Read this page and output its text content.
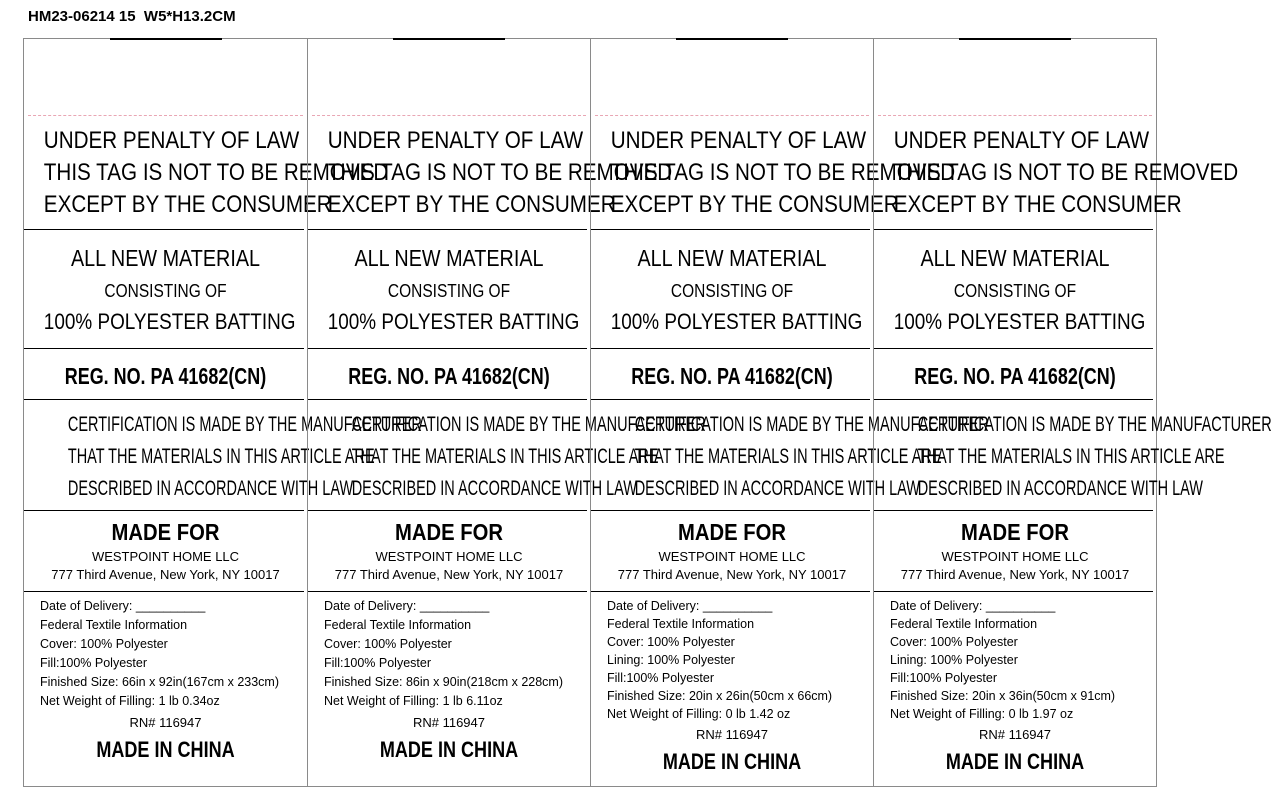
HM23-06214 15  W5*H13.2CM
UNDER PENALTY OF LAW
THIS TAG IS NOT TO BE REMOVED
EXCEPT BY THE CONSUMER
ALL NEW MATERIAL
CONSISTING OF
100% POLYESTER BATTING
REG. NO. PA 41682(CN)
CERTIFICATION IS MADE BY THE MANUFACTURER
THAT THE MATERIALS IN THIS ARTICLE ARE
DESCRIBED IN ACCORDANCE WITH LAW
MADE FOR
WESTPOINT HOME LLC
777 Third Avenue, New York, NY 10017
Date of Delivery: __________
Federal Textile Information
Cover: 100% Polyester
Fill:100% Polyester
Finished Size: 66in x 92in(167cm x 233cm)
Net Weight of Filling: 1 lb 0.34oz
RN# 116947
MADE IN CHINA
UNDER PENALTY OF LAW
THIS TAG IS NOT TO BE REMOVED
EXCEPT BY THE CONSUMER
ALL NEW MATERIAL
CONSISTING OF
100% POLYESTER BATTING
REG. NO. PA 41682(CN)
CERTIFICATION IS MADE BY THE MANUFACTURER
THAT THE MATERIALS IN THIS ARTICLE ARE
DESCRIBED IN ACCORDANCE WITH LAW
MADE FOR
WESTPOINT HOME LLC
777 Third Avenue, New York, NY 10017
Date of Delivery: __________
Federal Textile Information
Cover: 100% Polyester
Fill:100% Polyester
Finished Size: 86in x 90in(218cm x 228cm)
Net Weight of Filling: 1 lb 6.11oz
RN# 116947
MADE IN CHINA
UNDER PENALTY OF LAW
THIS TAG IS NOT TO BE REMOVED
EXCEPT BY THE CONSUMER
ALL NEW MATERIAL
CONSISTING OF
100% POLYESTER BATTING
REG. NO. PA 41682(CN)
CERTIFICATION IS MADE BY THE MANUFACTURER
THAT THE MATERIALS IN THIS ARTICLE ARE
DESCRIBED IN ACCORDANCE WITH LAW
MADE FOR
WESTPOINT HOME LLC
777 Third Avenue, New York, NY 10017
Date of Delivery: __________
Federal Textile Information
Cover: 100% Polyester
Lining: 100% Polyester
Fill:100% Polyester
Finished Size: 20in x 26in(50cm x 66cm)
Net Weight of Filling: 0 lb 1.42 oz
RN# 116947
MADE IN CHINA
UNDER PENALTY OF LAW
THIS TAG IS NOT TO BE REMOVED
EXCEPT BY THE CONSUMER
ALL NEW MATERIAL
CONSISTING OF
100% POLYESTER BATTING
REG. NO. PA 41682(CN)
CERTIFICATION IS MADE BY THE MANUFACTURER
THAT THE MATERIALS IN THIS ARTICLE ARE
DESCRIBED IN ACCORDANCE WITH LAW
MADE FOR
WESTPOINT HOME LLC
777 Third Avenue, New York, NY 10017
Date of Delivery: __________
Federal Textile Information
Cover: 100% Polyester
Lining: 100% Polyester
Fill:100% Polyester
Finished Size: 20in x 36in(50cm x 91cm)
Net Weight of Filling: 0 lb 1.97 oz
RN# 116947
MADE IN CHINA
